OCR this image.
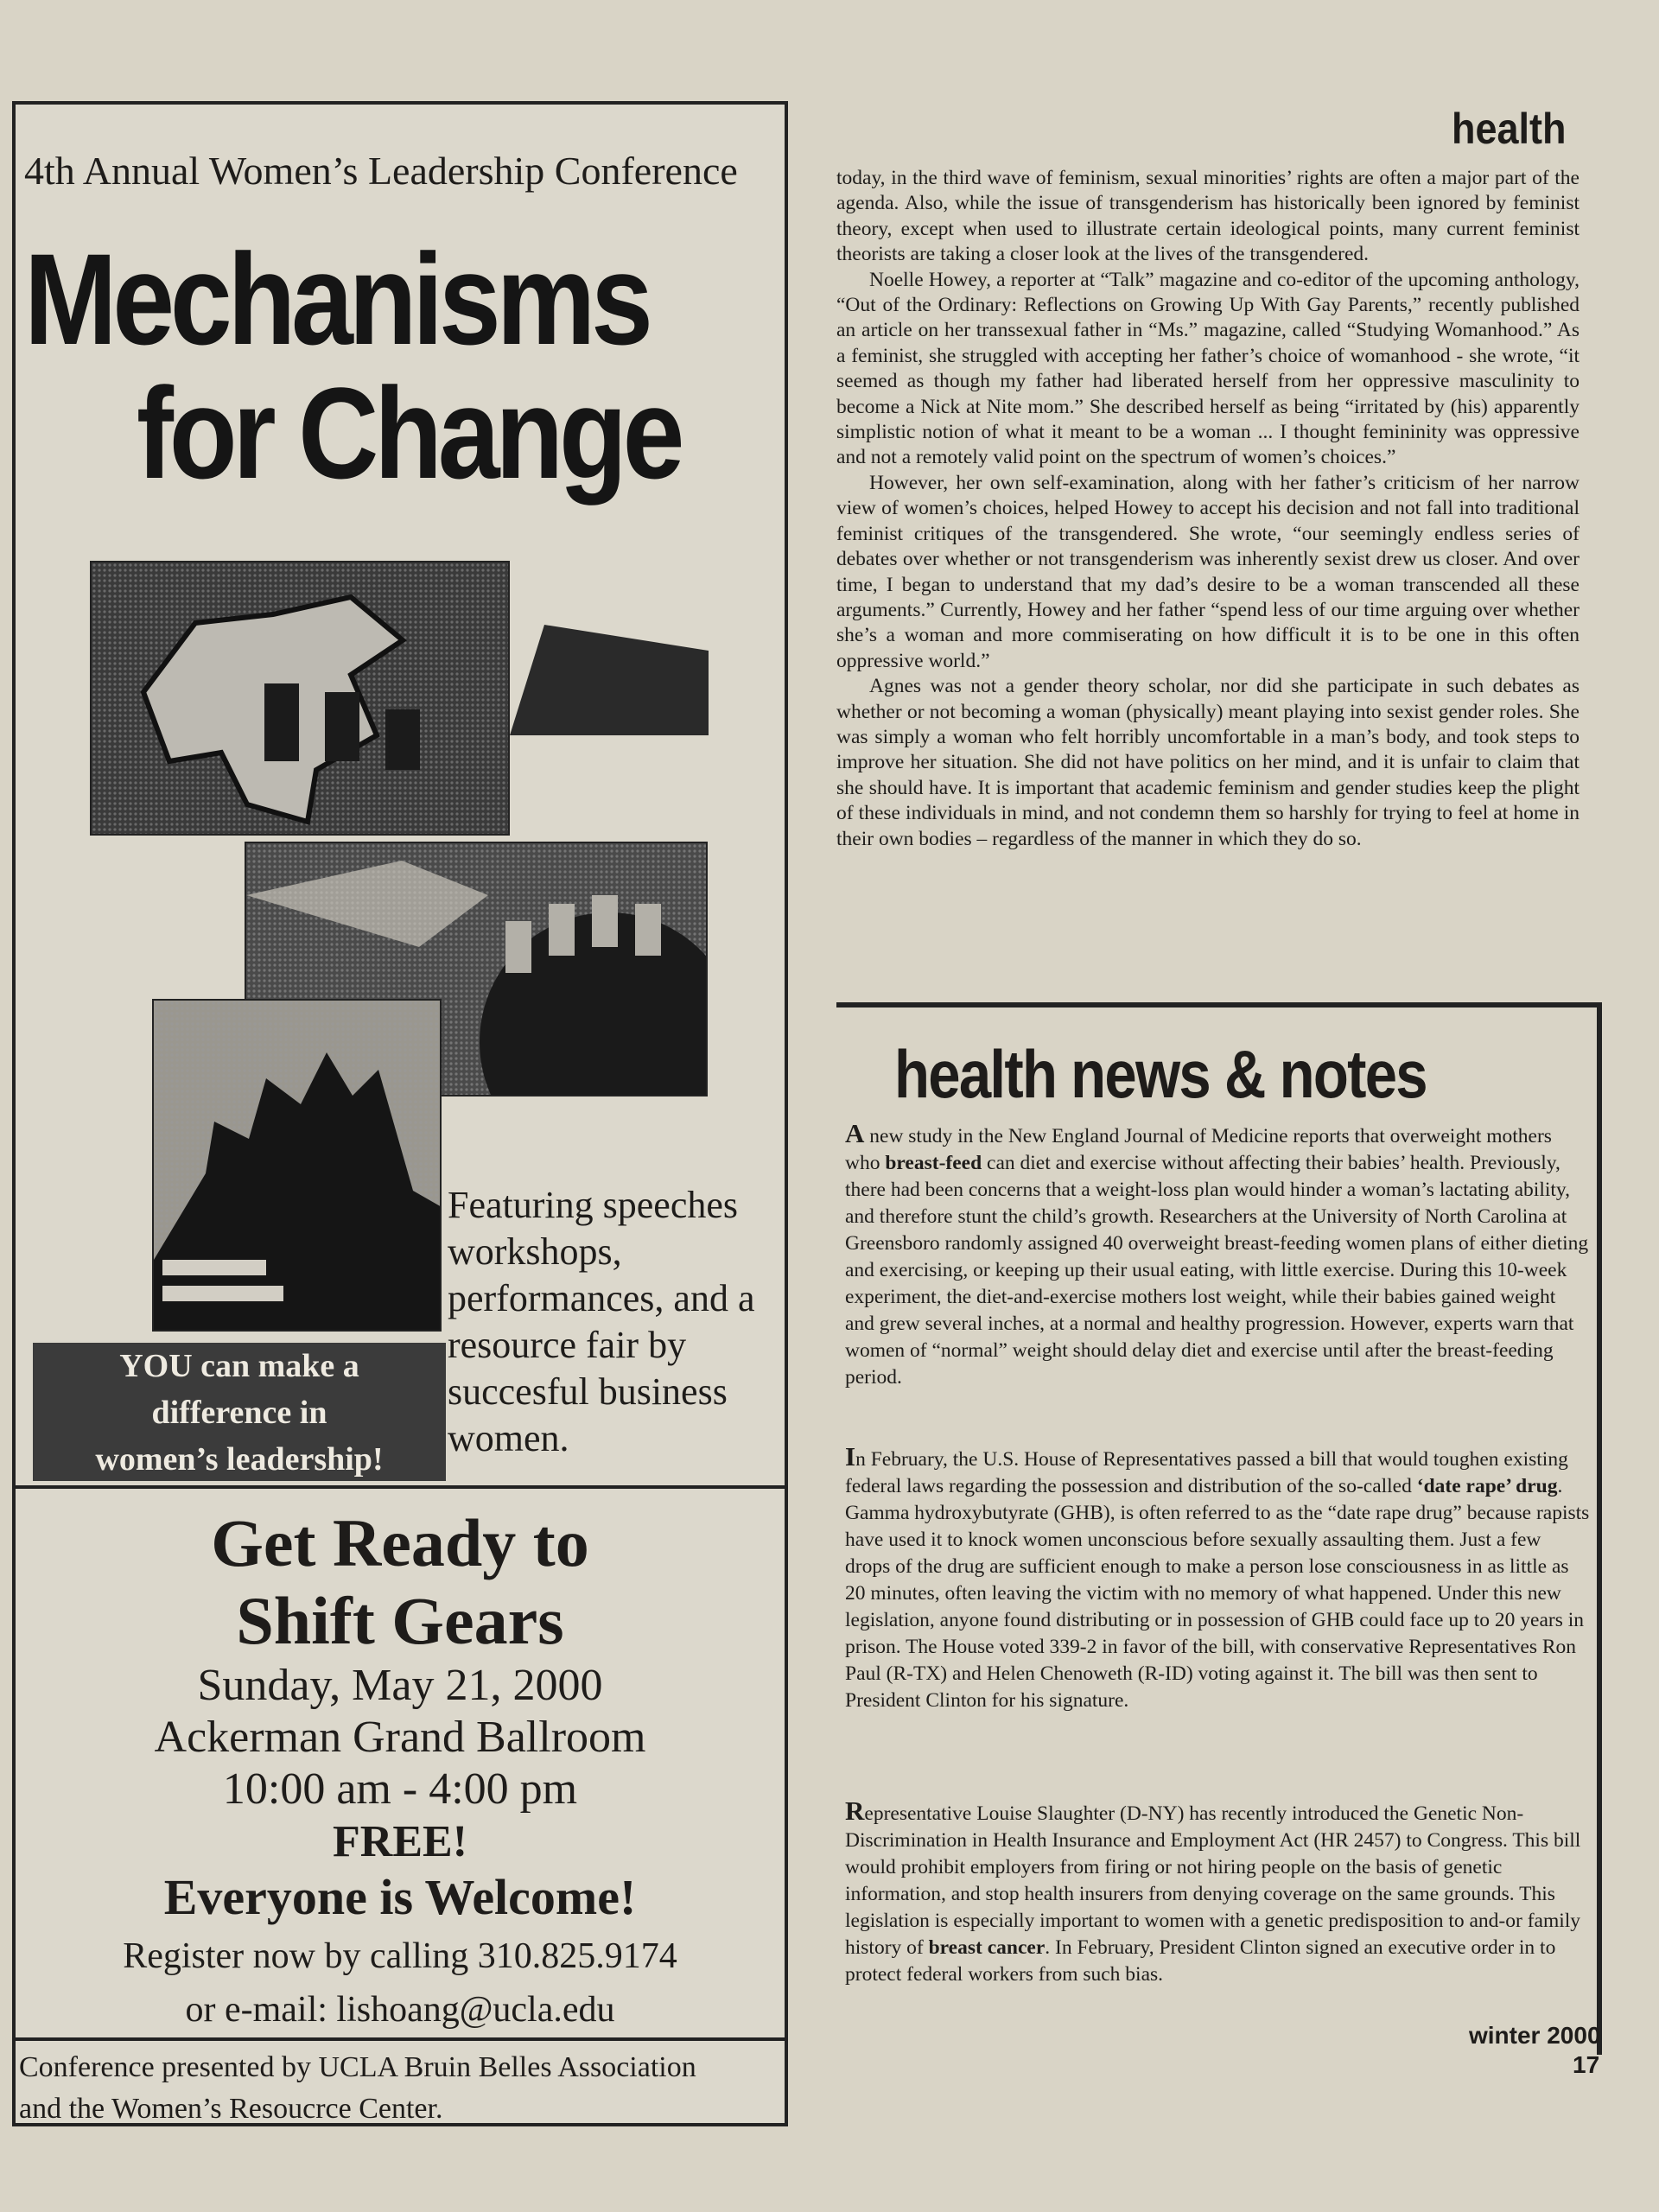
4th Annual Women’s Leadership Conference
Mechanisms
for Change
Featuring speeches workshops, performances, and a resource fair by succesful business women.
YOU can make a
difference in
women’s leadership!
Get Ready to
Shift Gears
Sunday, May 21, 2000
Ackerman Grand Ballroom
10:00 am - 4:00 pm
FREE!
Everyone is Welcome!
Register now by calling 310.825.9174
or e-mail: lishoang@ucla.edu
Conference presented by UCLA Bruin Belles Association
and the Women’s Resoucrce Center.
health

today, in the third wave of feminism, sexual minorities’ rights are often a major part of the agenda. Also, while the issue of transgenderism has historically been ignored by feminist theory, except when used to illustrate certain ideological points, many current feminist theorists are taking a closer look at the lives of the transgendered.

Noelle Howey, a reporter at “Talk” magazine and co-editor of the upcoming anthology, “Out of the Ordinary: Reflections on Growing Up With Gay Parents,” recently published an article on her transsexual father in “Ms.” magazine, called “Studying Womanhood.” As a feminist, she struggled with accepting her father’s choice of womanhood - she wrote, “it seemed as though my father had liberated herself from her oppressive masculinity to become a Nick at Nite mom.” She described herself as being “irritated by (his) apparently simplistic notion of what it meant to be a woman ... I thought femininity was oppressive and not a remotely valid point on the spectrum of women’s choices.”

However, her own self-examination, along with her father’s criticism of her narrow view of women’s choices, helped Howey to accept his decision and not fall into traditional feminist critiques of the transgendered. She wrote, “our seemingly endless series of debates over whether or not transgenderism was inherently sexist drew us closer. And over time, I began to understand that my dad’s desire to be a woman transcended all these arguments.” Currently, Howey and her father “spend less of our time arguing over whether she’s a woman and more commiserating on how difficult it is to be one in this often oppressive world.”

Agnes was not a gender theory scholar, nor did she participate in such debates as whether or not becoming a woman (physically) meant playing into sexist gender roles. She was simply a woman who felt horribly uncomfortable in a man’s body, and took steps to improve her situation. She did not have politics on her mind, and it is unfair to claim that she should have. It is important that academic feminism and gender studies keep the plight of these individuals in mind, and not condemn them so harshly for trying to feel at home in their own bodies – regardless of the manner in which they do so.

health news & notes
A new study in the New England Journal of Medicine reports that overweight mothers who breast-feed can diet and exercise without affecting their babies’ health. Previously, there had been concerns that a weight-loss plan would hinder a woman’s lactating ability, and therefore stunt the child’s growth. Researchers at the University of North Carolina at Greensboro randomly assigned 40 overweight breast-feeding women plans of either dieting and exercising, or keeping up their usual eating, with little exercise. During this 10-week experiment, the diet-and-exercise mothers lost weight, while their babies gained weight and grew several inches, at a normal and healthy progression. However, experts warn that women of “normal” weight should delay diet and exercise until after the breast-feeding period.
In February, the U.S. House of Representatives passed a bill that would toughen existing federal laws regarding the possession and distribution of the so-called ‘date rape’ drug. Gamma hydroxybutyrate (GHB), is often referred to as the “date rape drug” because rapists have used it to knock women unconscious before sexually assaulting them. Just a few drops of the drug are sufficient enough to make a person lose consciousness in as little as 20 minutes, often leaving the victim with no memory of what happened. Under this new legislation, anyone found distributing or in possession of GHB could face up to 20 years in prison. The House voted 339-2 in favor of the bill, with conservative Representatives Ron Paul (R-TX) and Helen Chenoweth (R-ID) voting against it. The bill was then sent to President Clinton for his signature.
Representative Louise Slaughter (D-NY) has recently introduced the Genetic Non-Discrimination in Health Insurance and Employment Act (HR 2457) to Congress. This bill would prohibit employers from firing or not hiring people on the basis of genetic information, and stop health insurers from denying coverage on the same grounds. This legislation is especially important to women with a genetic predisposition to and-or family history of breast cancer. In February, President Clinton signed an executive order in to protect federal workers from such bias.
winter 2000
17
